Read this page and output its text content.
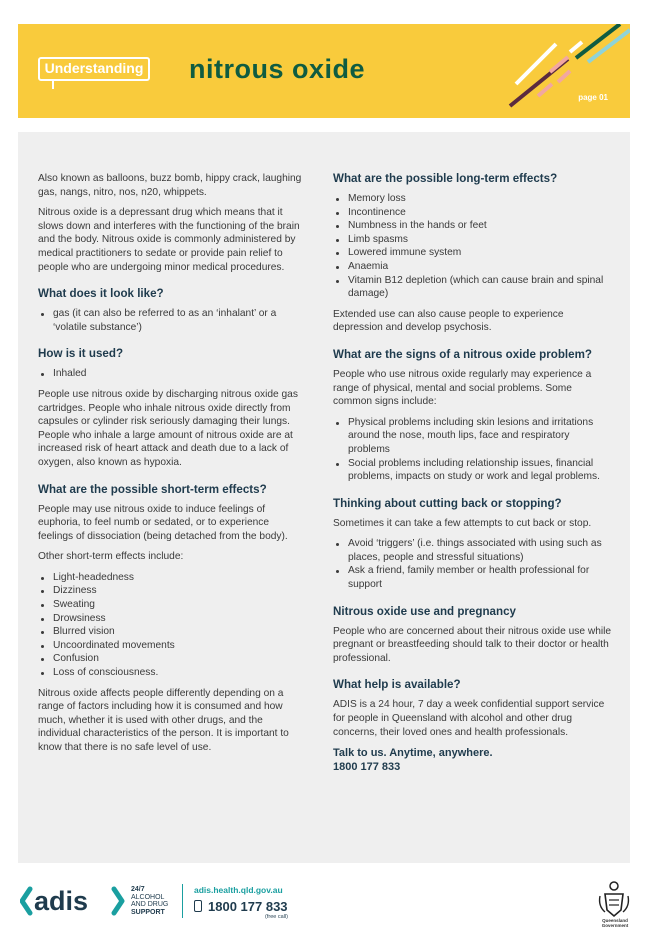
Understanding nitrous oxide
page 01

Also known as balloons, buzz bomb, hippy crack, laughing gas, nangs, nitro, nos, n20, whippets.

Nitrous oxide is a depressant drug which means that it slows down and interferes with the functioning of the brain and the body. Nitrous oxide is commonly administered by medical practitioners to sedate or provide pain relief to people who are undergoing minor medical procedures.

What does it look like?
gas (it can also be referred to as an ‘inhalant’ or a ‘volatile substance’)
How is it used?
Inhaled

People use nitrous oxide by discharging nitrous oxide gas cartridges. People who inhale nitrous oxide directly from capsules or cylinder risk seriously damaging their lungs. People who inhale a large amount of nitrous oxide are at increased risk of heart attack and death due to a lack of oxygen, also known as hypoxia.

What are the possible short-term effects?

People may use nitrous oxide to induce feelings of euphoria, to feel numb or sedated, or to experience feelings of dissociation (being detached from the body).

Other short-term effects include:

Light-headedness
Dizziness
Sweating
Drowsiness
Blurred vision
Uncoordinated movements
Confusion
Loss of consciousness.

Nitrous oxide affects people differently depending on a range of factors including how it is consumed and how much, whether it is used with other drugs, and the individual characteristics of the person. It is important to know that there is no safe level of use.

What are the possible long-term effects?
Memory loss
Incontinence
Numbness in the hands or feet
Limb spasms
Lowered immune system
Anaemia
Vitamin B12 depletion (which can cause brain and spinal damage)

Extended use can also cause people to experience depression and develop psychosis.

What are the signs of a nitrous oxide problem?

People who use nitrous oxide regularly may experience a range of physical, mental and social problems. Some common signs include:

Physical problems including skin lesions and irritations around the nose, mouth lips, face and respiratory problems
Social problems including relationship issues, financial problems, impacts on study or work and legal problems.
Thinking about cutting back or stopping?

Sometimes it can take a few attempts to cut back or stop.

Avoid ‘triggers’ (i.e. things associated with using such as places, people and stressful situations)
Ask a friend, family member or health professional for support
Nitrous oxide use and pregnancy

People who are concerned about their nitrous oxide use while pregnant or breastfeeding should talk to their doctor or health professional.

What help is available?

ADIS is a 24 hour, 7 day a week confidential support service for people in Queensland with alcohol and other drug concerns, their loved ones and health professionals.

Talk to us. Anytime, anywhere.

1800 177 833

adis	24/7
ALCOHOL
AND DRUG
SUPPORT
adis.health.qld.gov.au
1800 177 833
(free call)
Queensland
Government
